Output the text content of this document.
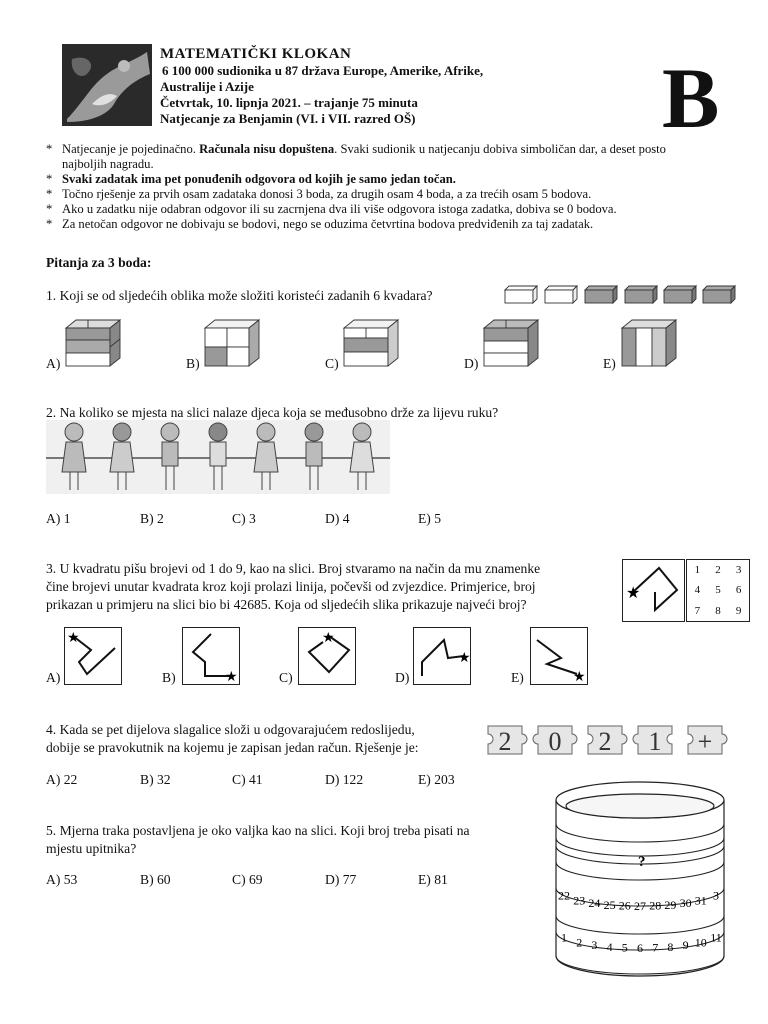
MATEMATIČKI KLOKAN
6 100 000 sudionika u 87 država Europe, Amerike, Afrike,
Australije i Azije
Četvrtak, 10. lipnja 2021. – trajanje 75 minuta
Natjecanje za Benjamin (VI. i VII. razred OŠ)	B
* Natjecanje je pojedinačno. Računala nisu dopuštena. Svaki sudionik u natjecanju dobiva simboličan dar, a deset posto najboljih nagradu.
* Svaki zadatak ima pet ponuđenih odgovora od kojih je samo jedan točan.
* Točno rješenje za prvih osam zadataka donosi 3 boda, za drugih osam 4 boda, a za trećih osam 5 bodova.
* Ako u zadatku nije odabran odgovor ili su zacrnjena dva ili više odgovora istoga zadatka, dobiva se 0 bodova.
* Za netočan odgovor ne dobivaju se bodovi, nego se oduzima četvrtina bodova predviđenih za taj zadatak.
Pitanja za 3 boda:
1. Koji se od sljedećih oblika može složiti koristeći zadanih 6 kvadara?
A)	B)	C)	D)	E)
2. Na koliko se mjesta na slici nalaze djeca koja se međusobno drže za lijevu ruku?
A) 1	B) 2	C) 3	D) 4	E) 5
3. U kvadratu pišu brojevi od 1 do 9, kao na slici. Broj stvaramo na način da mu znamenke
čine brojevi unutar kvadrata kroz koji prolazi linija, počevši od zvjezdice. Primjerice, broj
prikazan u primjeru na slici bio bi 42685. Koja od sljedećih slika prikazuje najveći broj?
★
1	2	3
4	5	6
7	8	9
A)	B)	C)	D)	E)
★
★
★
★
★
4. Kada se pet dijelova slagalice složi u odgovarajućem redoslijedu,
dobije se pravokutnik na kojemu je zapisan jedan račun. Rješenje je:	2 0 2 1 +
A) 22	B) 32	C) 41	D) 122	E) 203
5. Mjerna traka postavljena je oko valjka kao na slici. Koji broj treba pisati na
mjestu upitnika?
A) 53	B) 60	C) 69	D) 77	E) 81
?
22 23 24 25 26 27 28 29 30 31 3
1 2 3 4 5 6 7 8 9 10 11
